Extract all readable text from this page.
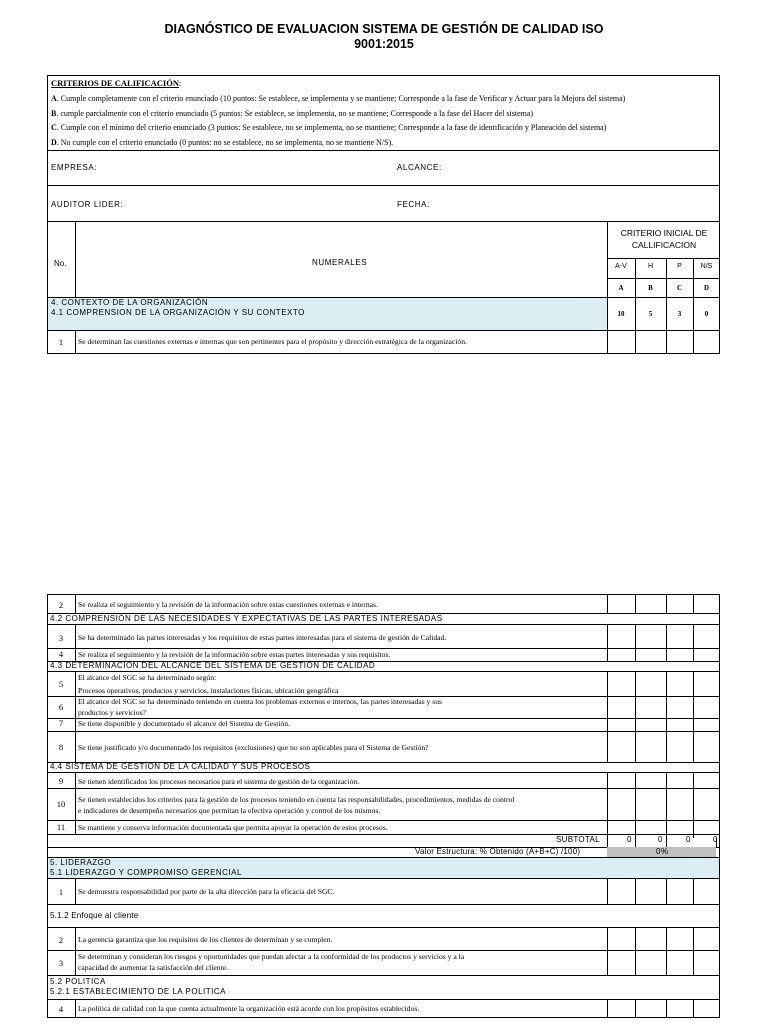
DIAGNÓSTICO DE EVALUACION SISTEMA DE GESTIÓN DE CALIDAD ISO
9001:2015
CRITERIOS DE CALIFICACIÓN:
A. Cumple completamente con el criterio enunciado (10 puntos: Se establece, se implementa y se mantiene; Corresponde a la fase de Verificar y Actuar para la Mejora del sistema)
B. cumple parcialmente con el criterio enunciado (5 puntos: Se establece, se implementa, no se mantiene; Corresponde a la fase del Hacer del sistema)
C. Cumple con el mínimo del criterio enunciado (3 puntos: Se establece, no se implementa, no se mantiene; Corresponde a la fase de identificación y Planeación del sistema)
D. No cumple con el criterio enunciado (0 puntos: no se establece, no se implementa, no se mantiene N/S).
EMPRESA:	ALCANCE:
AUDITOR LIDER:	FECHA:
No.	NUMERALES
CRITERIO INICIAL DE CALLIFICACION
A-V	H	P	N/S
A	B	C	D
4. CONTEXTO DE LA ORGANIZACIÓN
4.1 COMPRENSION DE LA ORGANIZACIÓN Y SU CONTEXTO	10	5	3	0
1	Se determinan las cuestiones externas e internas que son pertinentes para el propósito y dirección estratégica de la organización.
2	Se realiza el seguimiento y la revisión de la información sobre estas cuestiones externas e internas.
4.2 COMPRENSIÓN DE LAS NECESIDADES Y EXPECTATIVAS DE LAS PARTES INTERESADAS
3	Se ha determinado las partes interesadas y los requisitos de estas partes interesadas para el sistema de gestión de Calidad.
4	Se realiza el seguimiento y la revisión de la información sobre estas partes interesadas y sus requisitos.
4.3 DETERMINACIÓN DEL ALCANCE DEL SISTEMA DE GESTIÓN DE CALIDAD
5
El alcance del SGC se ha determinado según:
Procesos operativos, productos y servicios, instalaciones físicas, ubicación geográfica
6
El alcance del SGC se ha determinado teniendo en cuenta los problemas externos e internos, las partes interesadas y sus
productos y servicios?
7	Se tiene disponible y documentado el alcance del Sistema de Gestión.
8	Se tiene justificado y/o documentado los requisitos (exclusiones) que no son aplicables para el Sistema de Gestión?
4.4 SISTEMA DE GESTION DE LA CALIDAD Y SUS PROCESOS
9	Se tienen identificados los procesos necesarios para el sistema de gestión de la organización.
10	Se tienen establecidos los criterios para la gestión de los procesos teniendo en cuenta las responsabilidades, procedimientos, medidas de control
e indicadores de desempeño necesarios que permitan la efectiva operación y control de los mismos.
11	Se mantiene y conserva información documentada que permita apoyar la operación de estos procesos.
SUBTOTAL	0	0	0	0
Valor Estructura: % Obtenido (A+B+C) /100)	0%
5. LIDERAZGO
5.1 LIDERAZGO Y COMPROMISO GERENCIAL
1	Se demuestra responsabilidad por parte de la alta dirección para la eficacia del SGC.
5.1.2 Enfoque al cliente
2	La gerencia garantiza que los requisitos de los clientes de determinan y se cumplen.
3
Se determinan y consideran los riesgos y oportunidades que puedan afectar a la conformidad de los productos y servicios y a la
capacidad de aumentar la satisfacción del cliente.
5.2 POLITICA
5.2.1 ESTABLECIMIENTO DE LA POLITICA
4	La política de calidad con la que cuenta actualmente la organización está acorde con los propósitos establecidos.
